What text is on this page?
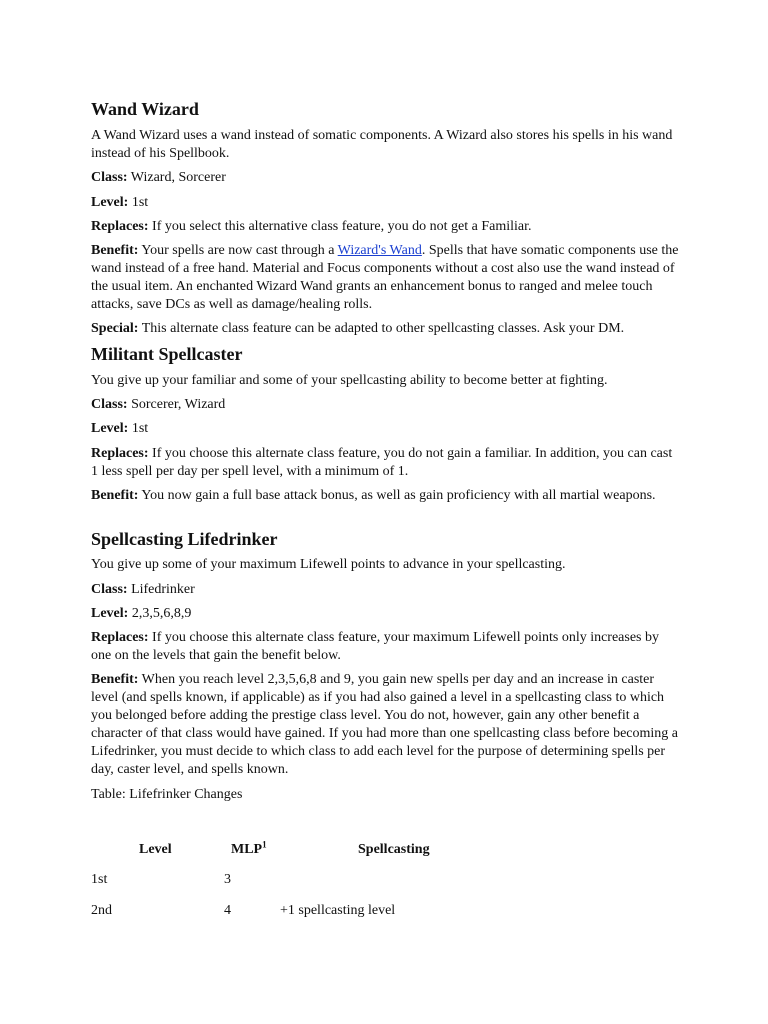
Wand Wizard

A Wand Wizard uses a wand instead of somatic components. A Wizard also stores his spells in his wand instead of his Spellbook.

Class: Wizard, Sorcerer

Level: 1st

Replaces: If you select this alternative class feature, you do not get a Familiar.

Benefit: Your spells are now cast through a Wizard's Wand. Spells that have somatic components use the wand instead of a free hand. Material and Focus components without a cost also use the wand instead of the usual item. An enchanted Wizard Wand grants an enhancement bonus to ranged and melee touch attacks, save DCs as well as damage/healing rolls.

Special: This alternate class feature can be adapted to other spellcasting classes. Ask your DM.

Militant Spellcaster

You give up your familiar and some of your spellcasting ability to become better at fighting.

Class: Sorcerer, Wizard

Level: 1st

Replaces: If you choose this alternate class feature, you do not gain a familiar. In addition, you can cast 1 less spell per day per spell level, with a minimum of 1.

Benefit: You now gain a full base attack bonus, as well as gain proficiency with all martial weapons.

Spellcasting Lifedrinker

You give up some of your maximum Lifewell points to advance in your spellcasting.

Class: Lifedrinker

Level: 2,3,5,6,8,9

Replaces: If you choose this alternate class feature, your maximum Lifewell points only increases by one on the levels that gain the benefit below.

Benefit: When you reach level 2,3,5,6,8 and 9, you gain new spells per day and an increase in caster level (and spells known, if applicable) as if you had also gained a level in a spellcasting class to which you belonged before adding the prestige class level. You do not, however, gain any other benefit a character of that class would have gained. If you had more than one spellcasting class before becoming a Lifedrinker, you must decide to which class to add each level for the purpose of determining spells per day, caster level, and spells known.

Table: Lifefrinker Changes

Level	MLP$^1$	Spellcasting
1st	3
2nd	4	+1 spellcasting level
